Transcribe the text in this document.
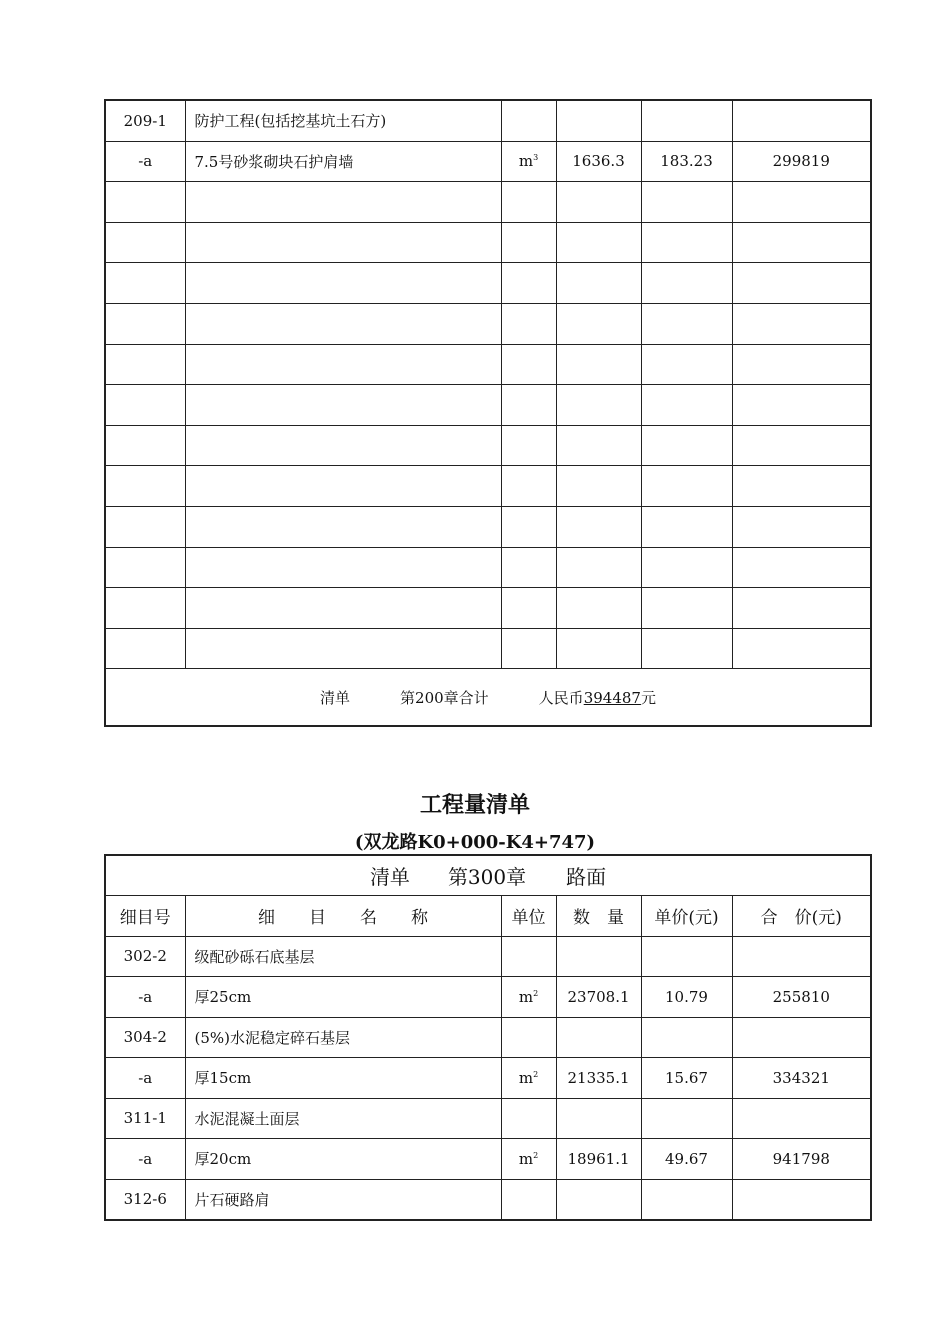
209-1	防护工程(包括挖基坑土石方)				
-a	7.5号砂浆砌块石护肩墙	$m^3$	1636.3	183.23	299819

清单 第200章合计 人民币394487元					
工程量清单
(双龙路K0+000-K4+747)
清单 第300章 路面					
细目号	细　　目　　名　　称	单位	数　量	单价(元)	合　价(元)
302-2	级配砂砾石底基层				
-a	厚25cm	$m^2$	23708.1	10.79	255810
304-2	(5%)水泥稳定碎石基层				
-a	厚15cm	$m^2$	21335.1	15.67	334321
311-1	水泥混凝土面层				
-a	厚20cm	$m^2$	18961.1	49.67	941798
312-6	片石硬路肩				
